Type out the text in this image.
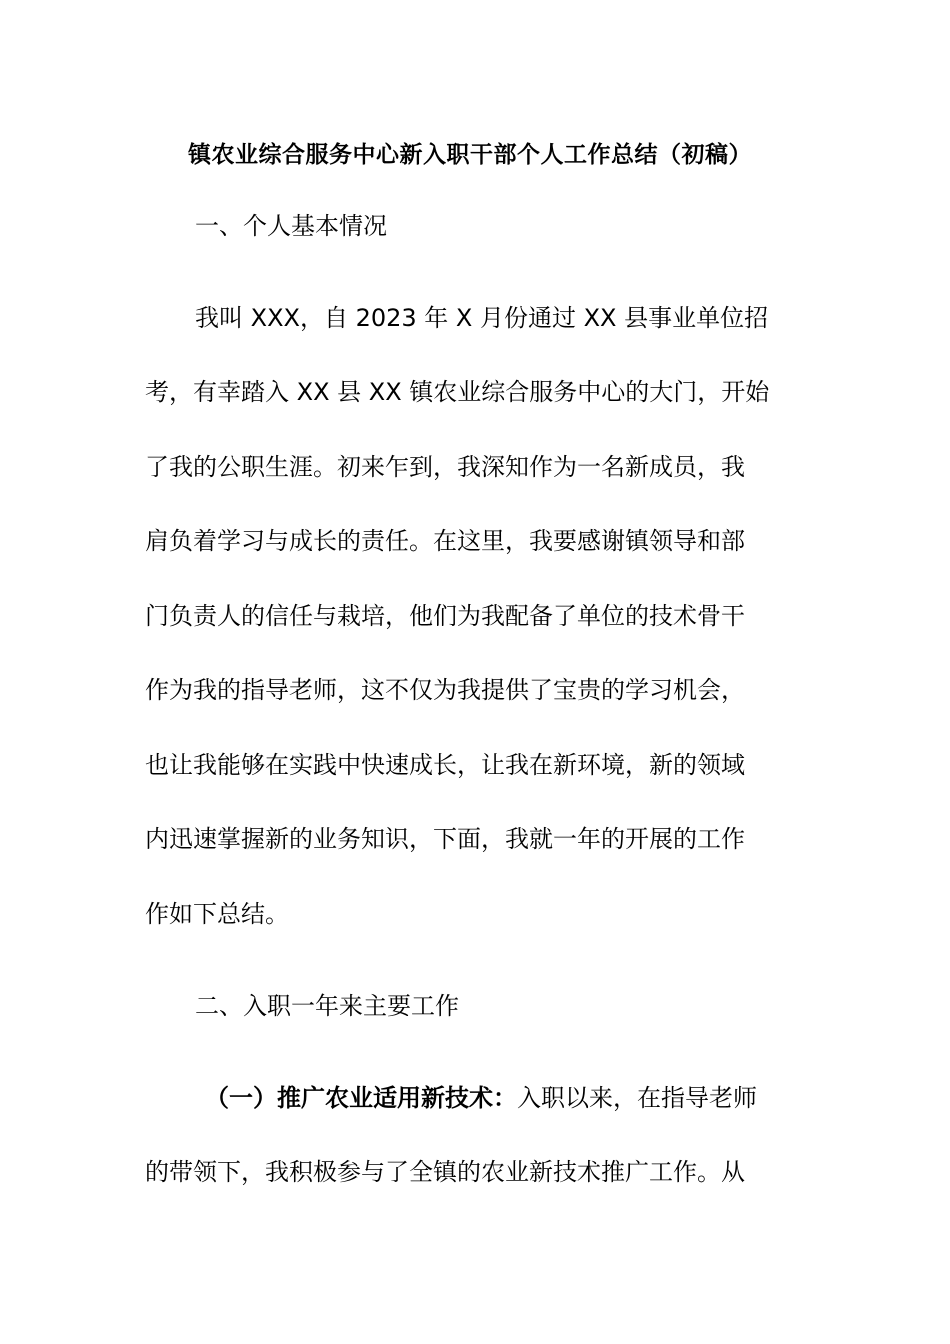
镇农业综合服务中心新入职干部个人工作总结（初稿）
一、个人基本情况
我叫 XXX，自 2023 年 X 月份通过 XX 县事业单位招
考，有幸踏入 XX 县 XX 镇农业综合服务中心的大门，开始
了我的公职生涯。初来乍到，我深知作为一名新成员，我
肩负着学习与成长的责任。在这里，我要感谢镇领导和部
门负责人的信任与栽培，他们为我配备了单位的技术骨干
作为我的指导老师，这不仅为我提供了宝贵的学习机会，
也让我能够在实践中快速成长，让我在新环境，新的领域
内迅速掌握新的业务知识，下面，我就一年的开展的工作
作如下总结。
二、入职一年来主要工作
（一）推广农业适用新技术：入职以来，在指导老师
的带领下，我积极参与了全镇的农业新技术推广工作。从
